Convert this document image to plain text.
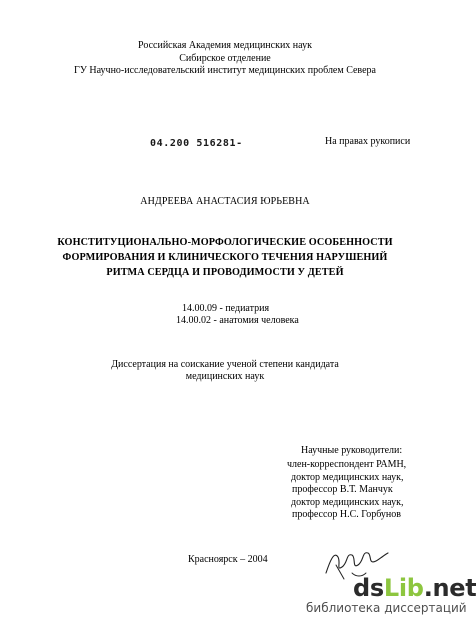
Российская Академия медицинских наук
Сибирское отделение
ГУ Научно-исследовательский институт медицинских проблем Севера
04.200 516281-	На правах рукописи
АНДРЕЕВА АНАСТАСИЯ ЮРЬЕВНА
КОНСТИТУЦИОНАЛЬНО-МОРФОЛОГИЧЕСКИЕ ОСОБЕННОСТИ
ФОРМИРОВАНИЯ И КЛИНИЧЕСКОГО ТЕЧЕНИЯ НАРУШЕНИЙ
РИТМА СЕРДЦА И ПРОВОДИМОСТИ У ДЕТЕЙ
14.00.09 - педиатрия
14.00.02 - анатомия человека
Диссертация на соискание ученой степени кандидата
медицинских наук
Научные руководители:
член-корреспондент РАМН,
доктор медицинских наук,
профессор В.Т. Манчук
доктор медицинских наук,
профессор Н.С. Горбунов
Красноярск – 2004
dsLib.net
библиотека диссертаций
